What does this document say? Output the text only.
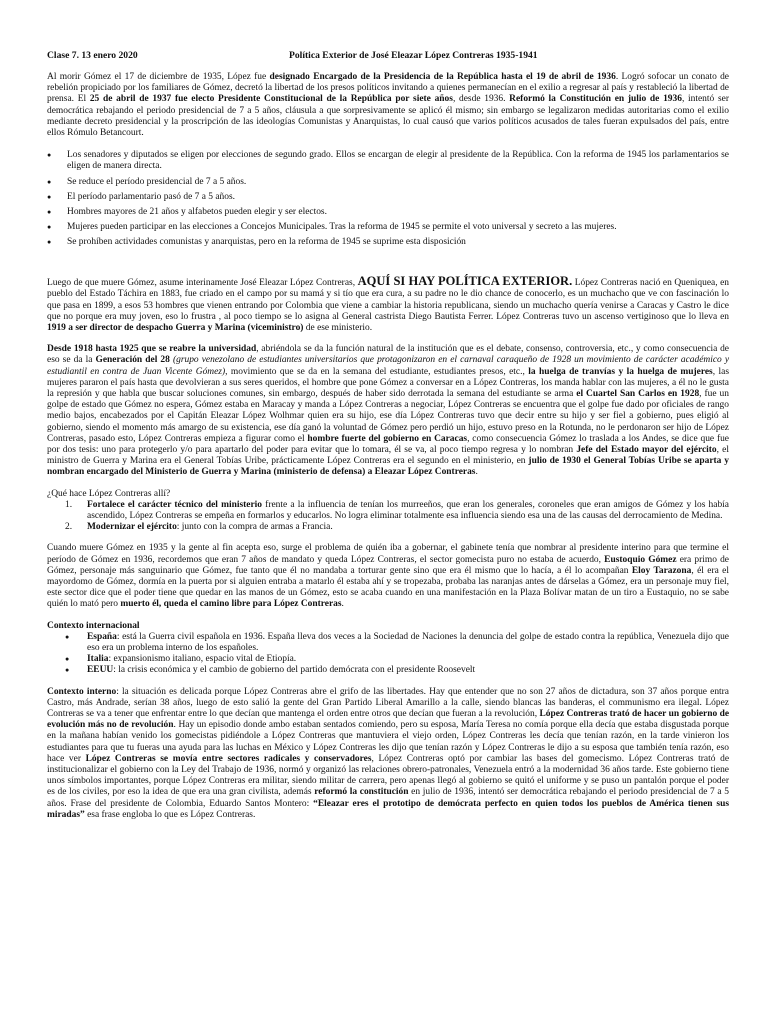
Clase 7. 13 enero 2020	Política Exterior de José Eleazar López Contreras 1935-1941

Al morir Gómez el 17 de diciembre de 1935, López fue designado Encargado de la Presidencia de la República hasta el 19 de abril de 1936. Logró sofocar un conato de rebelión propiciado por los familiares de Gómez, decretó la libertad de los presos políticos invitando a quienes permanecían en el exilio a regresar al país y restableció la libertad de prensa. El 25 de abril de 1937 fue electo Presidente Constitucional de la República por siete años, desde 1936. Reformó la Constitución en julio de 1936, intentó ser democrática rebajando el periodo presidencial de 7 a 5 años, cláusula a que sorpresivamente se aplicó él mismo; sin embargo se legalizaron medidas autoritarias como el exilio mediante decreto presidencial y la proscripción de las ideologías Comunistas y Anarquistas, lo cual causó que varios políticos acusados de tales fueran expulsados del país, entre ellos Rómulo Betancourt.

● Los senadores y diputados se eligen por elecciones de segundo grado. Ellos se encargan de elegir al presidente de la República. Con la reforma de 1945 los parlamentarios se eligen de manera directa.
● Se reduce el período presidencial de 7 a 5 años.
● El período parlamentario pasó de 7 a 5 años.
● Hombres mayores de 21 años y alfabetos pueden elegir y ser electos.
● Mujeres pueden participar en las elecciones a Concejos Municipales. Tras la reforma de 1945 se permite el voto universal y secreto a las mujeres.
● Se prohíben actividades comunistas y anarquistas, pero en la reforma de 1945 se suprime esta disposición

Luego de que muere Gómez, asume interinamente José Eleazar López Contreras, AQUÍ SI HAY POLÍTICA EXTERIOR. López Contreras nació en Queniquea, en pueblo del Estado Táchira en 1883, fue criado en el campo por su mamá y si tío que era cura, a su padre no le dio chance de conocerlo, es un muchacho que ve con fascinación lo que pasa en 1899, a esos 53 hombres que vienen entrando por Colombia que viene a cambiar la historia republicana, siendo un muchacho quería venirse a Caracas y Castro le dice que no porque era muy joven, eso lo frustra , al poco tiempo se lo asigna al General castrista Diego Bautista Ferrer. López Contreras tuvo un ascenso vertiginoso que lo lleva en 1919 a ser director de despacho Guerra y Marina (viceministro) de ese ministerio.

Desde 1918 hasta 1925 que se reabre la universidad, abriéndola se da la función natural de la institución que es el debate, consenso, controversia, etc., y como consecuencia de eso se da la Generación del 28 (grupo venezolano de estudiantes universitarios que protagonizaron en el carnaval caraqueño de 1928 un movimiento de carácter académico y estudiantil en contra de Juan Vicente Gómez), movimiento que se da en la semana del estudiante, estudiantes presos, etc., la huelga de tranvías y la huelga de mujeres, las mujeres pararon el país hasta que devolvieran a sus seres queridos, el hombre que pone Gómez a conversar en a López Contreras, los manda hablar con las mujeres, a él no le gusta la represión y que habla que buscar soluciones comunes, sin embargo, después de haber sido derrotada la semana del estudiante se arma el Cuartel San Carlos en 1928, fue un golpe de estado que Gómez no espera, Gómez estaba en Maracay y manda a López Contreras a negociar, López Contreras se encuentra que el golpe fue dado por oficiales de rango medio bajos, encabezados por el Capitán Eleazar López Wolhmar quien era su hijo, ese día López Contreras tuvo que decir entre su hijo y ser fiel a gobierno, pues eligió al gobierno, siendo el momento más amargo de su existencia, ese día ganó la voluntad de Gómez pero perdió un hijo, estuvo preso en la Rotunda, no le perdonaron ser hijo de López Contreras, pasado esto, López Contreras empieza a figurar como el hombre fuerte del gobierno en Caracas, como consecuencia Gómez lo traslada a los Andes, se dice que fue por dos tesis: uno para protegerlo y/o para apartarlo del poder para evitar que lo tomara, él se va, al poco tiempo regresa y lo nombran Jefe del Estado mayor del ejército, el ministro de Guerra y Marina era el General Tobías Uribe, prácticamente López Contreras era el segundo en el ministerio, en julio de 1930 el General Tobías Uribe se aparta y nombran encargado del Ministerio de Guerra y Marina (ministerio de defensa) a Eleazar López Contreras.

¿Qué hace López Contreras allí?

1. Fortalece el carácter técnico del ministerio frente a la influencia de tenían los murreeños, que eran los generales, coroneles que eran amigos de Gómez y los había ascendido, López Contreras se empeña en formarlos y educarlos. No logra eliminar totalmente esa influencia siendo esa una de las causas del derrocamiento de Medina.
2. Modernizar el ejército: junto con la compra de armas a Francia.

Cuando muere Gómez en 1935 y la gente al fin acepta eso, surge el problema de quién iba a gobernar, el gabinete tenía que nombrar al presidente interino para que termine el período de Gómez en 1936, recordemos que eran 7 años de mandato y queda López Contreras, el sector gomecista puro no estaba de acuerdo, Eustoquio Gómez era primo de Gómez, personaje más sanguinario que Gómez, fue tanto que él no mandaba a torturar gente sino que era él mismo que lo hacía, a él lo acompañan Eloy Tarazona, él era el mayordomo de Gómez, dormía en la puerta por si alguien entraba a matarlo él estaba ahí y se tropezaba, probaba las naranjas antes de dárselas a Gómez, era un personaje muy fiel, este sector dice que el poder tiene que quedar en las manos de un Gómez, esto se acaba cuando en una manifestación en la Plaza Bolívar matan de un tiro a Eustaquio, no se sabe quién lo mató pero muerto él, queda el camino libre para López Contreras.

Contexto internacional

● España: está la Guerra civil española en 1936. España lleva dos veces a la Sociedad de Naciones la denuncia del golpe de estado contra la república, Venezuela dijo que eso era un problema interno de los españoles.
● Italia: expansionismo italiano, espacio vital de Etiopía.
● EEUU: la crisis económica y el cambio de gobierno del partido demócrata con el presidente Roosevelt

Contexto interno: la situación es delicada porque López Contreras abre el grifo de las libertades. Hay que entender que no son 27 años de dictadura, son 37 años porque entra Castro, más Andrade, serían 38 años, luego de esto salió la gente del Gran Partido Liberal Amarillo a la calle, siendo blancas las banderas, el communismo era ilegal. López Contreras se va a tener que enfrentar entre lo que decían que mantenga el orden entre otros que decían que fueran a la revolución, López Contreras trató de hacer un gobierno de evolución más no de revolución. Hay un episodio donde ambo estaban sentados comiendo, pero su esposa, María Teresa no comía porque ella decía que estaba disgustada porque en la mañana habían venido los gomecistas pidiéndole a López Contreras que mantuviera el viejo orden, López Contreras les decía que tenían razón, en la tarde vinieron los estudiantes para que tu fueras una ayuda para las luchas en México y López Contreras les dijo que tenían razón y López Contreras le dijo a su esposa que también tenía razón, eso hace ver López Contreras se movía entre sectores radicales y conservadores, López Contreras optó por cambiar las bases del gomecismo. López Contreras trató de institucionalizar el gobierno con la Ley del Trabajo de 1936, normó y organizó las relaciones obrero-patronales, Venezuela entró a la modernidad 36 años tarde. Este gobierno tiene unos símbolos importantes, porque López Contreras era militar, siendo militar de carrera, pero apenas llegó al gobierno se quitó el uniforme y se puso un pantalón porque el poder es de los civiles, por eso la idea de que era una gran civilista, además reformó la constitución en julio de 1936, intentó ser democrática rebajando el periodo presidencial de 7 a 5 años. Frase del presidente de Colombia, Eduardo Santos Montero: “Eleazar eres el prototipo de demócrata perfecto en quien todos los pueblos de América tienen sus miradas” esa frase engloba lo que es López Contreras.
